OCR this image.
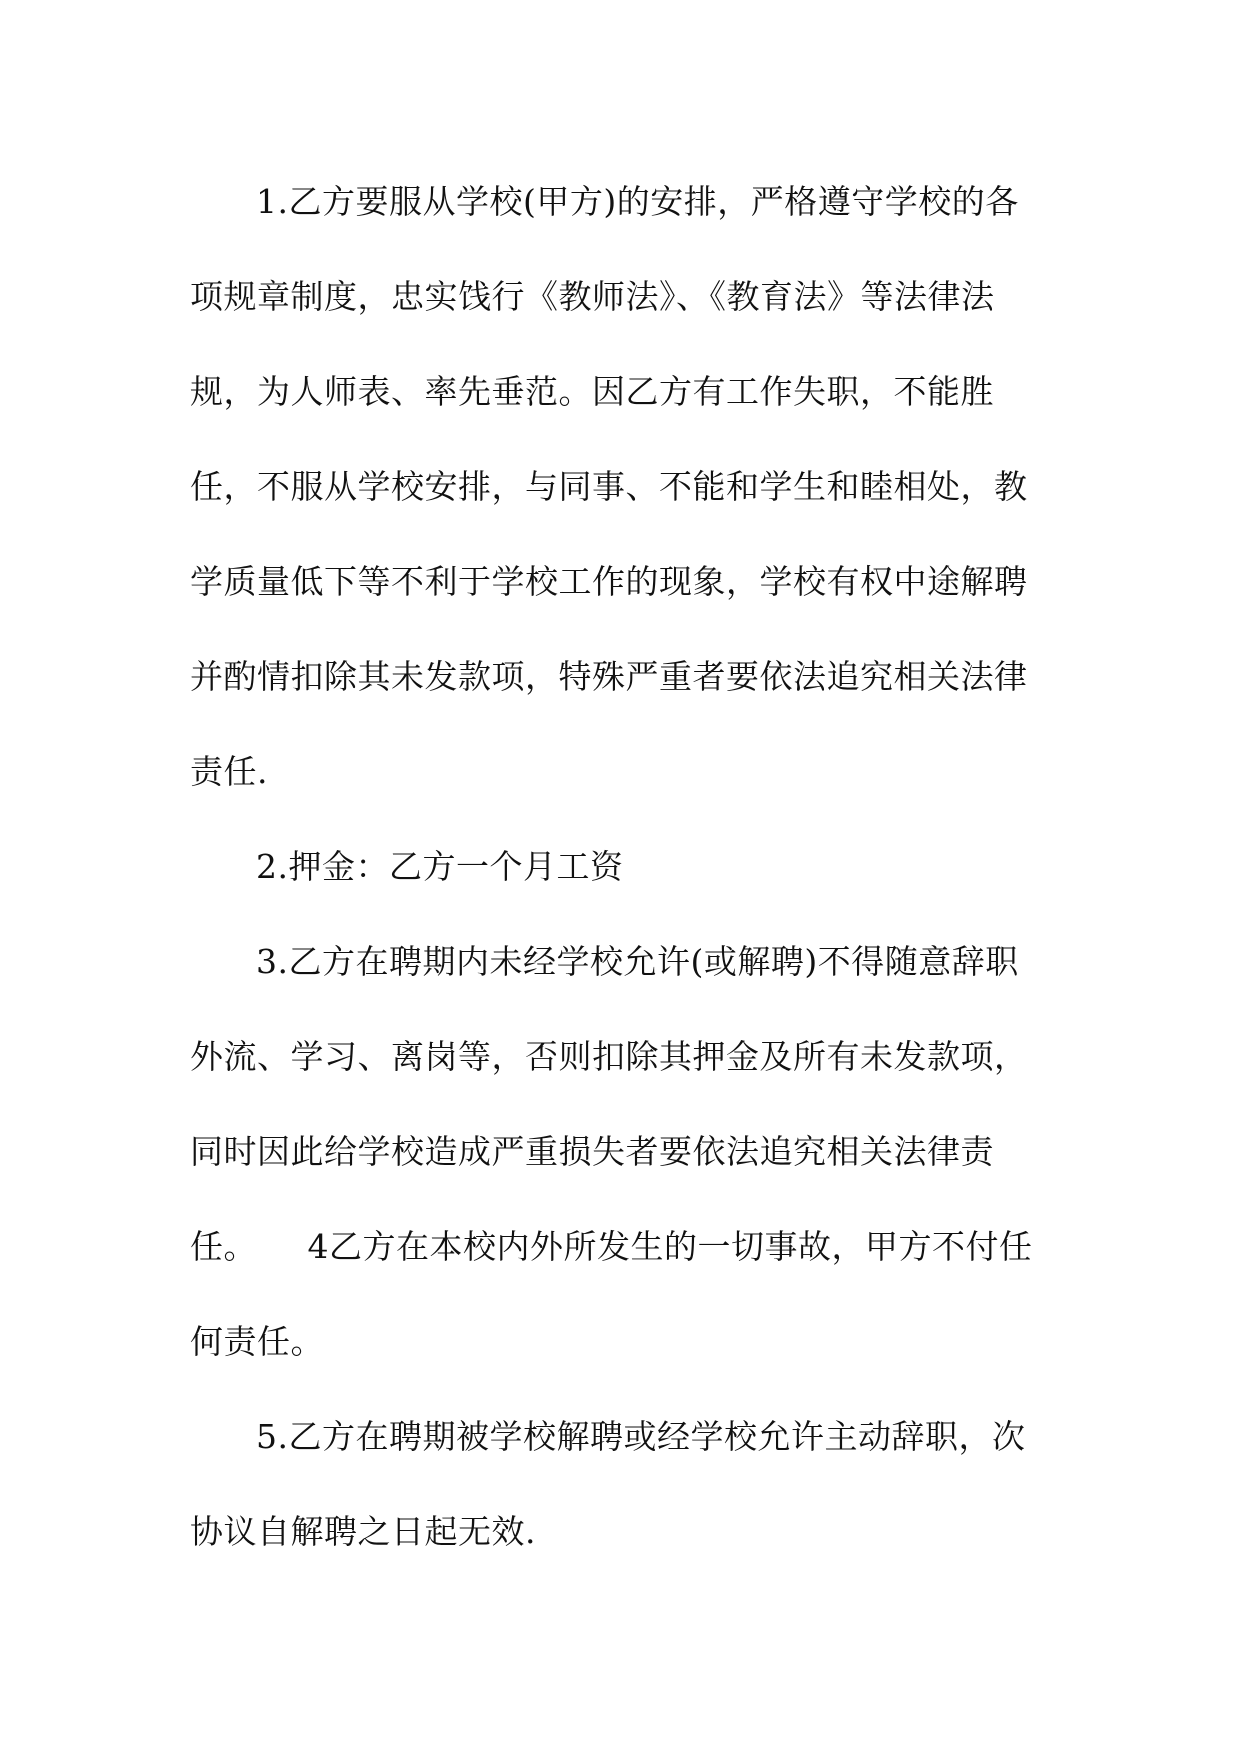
1.乙方要服从学校(甲方)的安排，严格遵守学校的各
项规章制度，忠实饯行《教师法》、《教育法》等法律法
规，为人师表、率先垂范。因乙方有工作失职，不能胜
任，不服从学校安排，与同事、不能和学生和睦相处，教
学质量低下等不利于学校工作的现象，学校有权中途解聘
并酌情扣除其未发款项，特殊严重者要依法追究相关法律
责任.
2.押金：乙方一个月工资
3.乙方在聘期内未经学校允许(或解聘)不得随意辞职
外流、学习、离岗等，否则扣除其押金及所有未发款项，
同时因此给学校造成严重损失者要依法追究相关法律责
任。　　4乙方在本校内外所发生的一切事故，甲方不付任
何责任。
5.乙方在聘期被学校解聘或经学校允许主动辞职，次
协议自解聘之日起无效.
